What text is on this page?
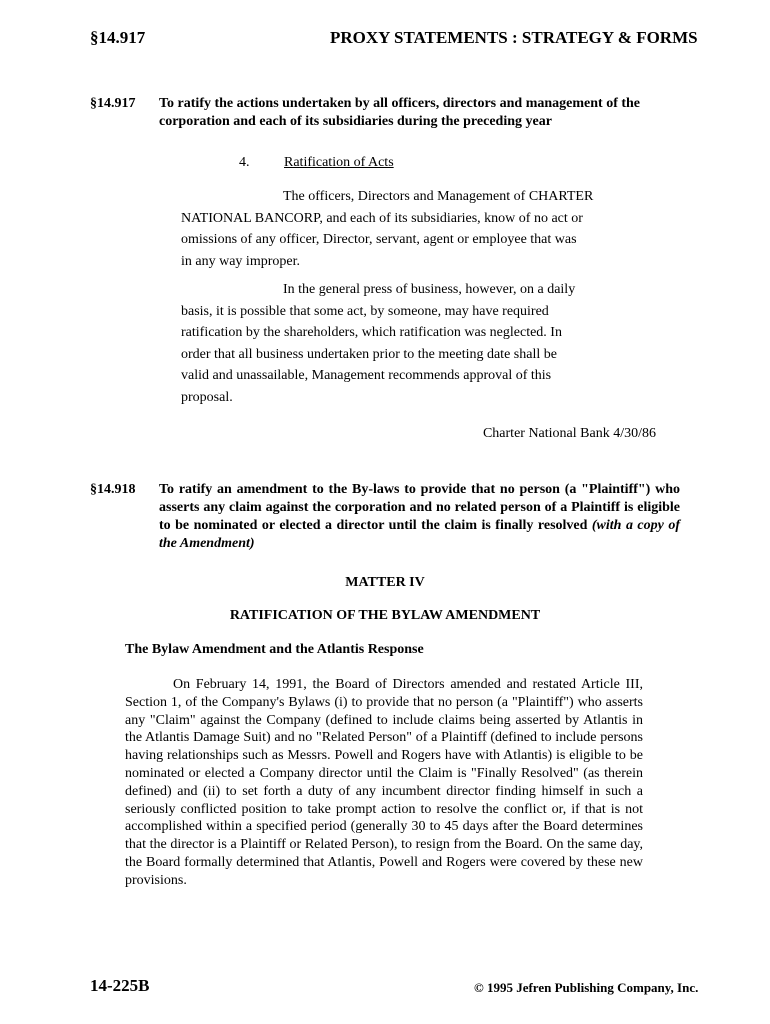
§14.917	PROXY STATEMENTS : STRATEGY & FORMS
§14.917 To ratify the actions undertaken by all officers, directors and management of the corporation and each of its subsidiaries during the preceding year
4. Ratification of Acts
The officers, Directors and Management of CHARTER
NATIONAL BANCORP, and each of its subsidiaries, know of no act or
omissions of any officer, Director, servant, agent or employee that was
in any way improper.
In the general press of business, however, on a daily
basis, it is possible that some act, by someone, may have required
ratification by the shareholders, which ratification was neglected. In
order that all business undertaken prior to the meeting date shall be
valid and unassailable, Management recommends approval of this
proposal.
Charter National Bank 4/30/86
§14.918 To ratify an amendment to the By-laws to provide that no person (a "Plaintiff") who asserts any claim against the corporation and no related person of a Plaintiff is eligible to be nominated or elected a director until the claim is finally resolved (with a copy of the Amendment)
MATTER IV
RATIFICATION OF THE BYLAW AMENDMENT
The Bylaw Amendment and the Atlantis Response
On February 14, 1991, the Board of Directors amended and restated Article III, Section 1, of the Company's Bylaws (i) to provide that no person (a "Plaintiff") who asserts any "Claim" against the Company (defined to include claims being asserted by Atlantis in the Atlantis Damage Suit) and no "Related Person" of a Plaintiff (defined to include persons having relationships such as Messrs. Powell and Rogers have with Atlantis) is eligible to be nominated or elected a Company director until the Claim is "Finally Resolved" (as therein defined) and (ii) to set forth a duty of any incumbent director finding himself in such a seriously conflicted position to take prompt action to resolve the conflict or, if that is not accomplished within a specified period (generally 30 to 45 days after the Board determines that the director is a Plaintiff or Related Person), to resign from the Board. On the same day, the Board formally determined that Atlantis, Powell and Rogers were covered by these new provisions.
14-225B	© 1995 Jefren Publishing Company, Inc.
